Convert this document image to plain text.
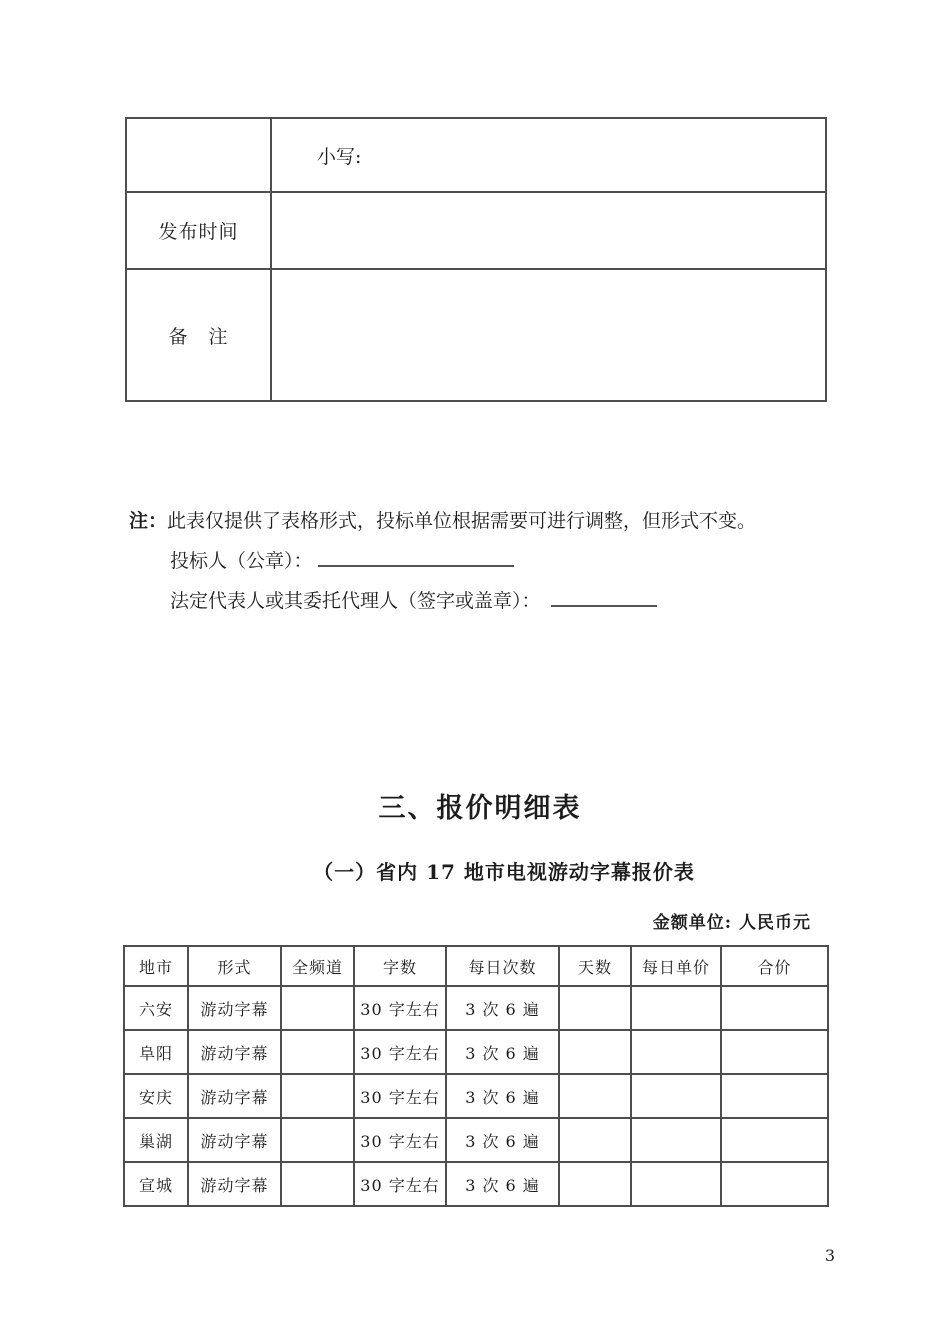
	小写:
发布时间	
备　注	
注：此表仅提供了表格形式，投标单位根据需要可进行调整，但形式不变。
投标人（公章）：
法定代表人或其委托代理人（签字或盖章）：
三、报价明细表
（一）省内 17 地市电视游动字幕报价表
金额单位: 人民币元
地市	形式	全频道	字数	每日次数	天数	每日单价	合价
六安	游动字幕		30 字左右	3 次 6 遍			
阜阳	游动字幕		30 字左右	3 次 6 遍			
安庆	游动字幕		30 字左右	3 次 6 遍			
巢湖	游动字幕		30 字左右	3 次 6 遍			
宣城	游动字幕		30 字左右	3 次 6 遍			
3
